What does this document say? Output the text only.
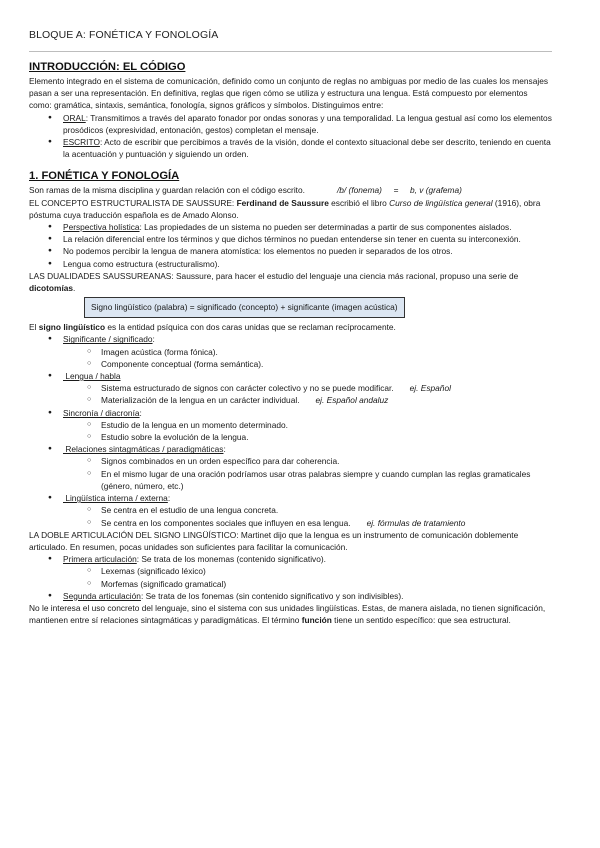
BLOQUE A: FONÉTICA Y FONOLOGÍA
INTRODUCCIÓN: EL CÓDIGO

Elemento integrado en el sistema de comunicación, definido como un conjunto de reglas no ambiguas por medio de las cuales los mensajes pasan a ser una representación. En definitiva, reglas que rigen cómo se utiliza y estructura una lengua. Está compuesto por elementos como: gramática, sintaxis, semántica, fonología, signos gráficos y símbolos. Distinguimos entre:

● ORAL: Transmitimos a través del aparato fonador por ondas sonoras y una temporalidad. La lengua gestual así como los elementos prosódicos (expresividad, entonación, gestos) completan el mensaje.
● ESCRITO: Acto de escribir que percibimos a través de la visión, donde el contexto situacional debe ser descrito, teniendo en cuenta la acentuación y puntuación y siguiendo un orden.
1. FONÉTICA Y FONOLOGÍA

Son ramas de la misma disciplina y guardan relación con el código escrito.	/b/ (fonema)     =     b, v (grafema)

EL CONCEPTO ESTRUCTURALISTA DE SAUSSURE: Ferdinand de Saussure escribió el libro Curso de lingüística general (1916), obra póstuma cuya traducción española es de Amado Alonso.

● Perspectiva holística: Las propiedades de un sistema no pueden ser determinadas a partir de sus componentes aislados.
● La relación diferencial entre los términos y que dichos términos no puedan entenderse sin tener en cuenta su interconexión.
● No podemos percibir la lengua de manera atomística: los elementos no pueden ir separados de los otros.
● Lengua como estructura (estructuralismo).

LAS DUALIDADES SAUSSUREANAS: Saussure, para hacer el estudio del lenguaje una ciencia más racional, propuso una serie de dicotomías.

Signo lingüístico (palabra) = significado (concepto) + significante (imagen acústica)

El signo lingüístico es la entidad psíquica con dos caras unidas que se reclaman recíprocamente.

● Significante / significado:
○ Imagen acústica (forma fónica).
○ Componente conceptual (forma semántica).
●  Lengua / habla
○ Sistema estructurado de signos con carácter colectivo y no se puede modificar. ej. Español
○ Materialización de la lengua en un carácter individual. ej. Español andaluz
● Sincronía / diacronía:
○ Estudio de la lengua en un momento determinado.
○ Estudio sobre la evolución de la lengua.
●  Relaciones sintagmáticas / paradigmáticas:
○ Signos combinados en un orden específico para dar coherencia.
○ En el mismo lugar de una oración podríamos usar otras palabras siempre y cuando cumplan las reglas gramaticales (género, número, etc.)
●  Lingüística interna / externa:
○ Se centra en el estudio de una lengua concreta.
○ Se centra en los componentes sociales que influyen en esa lengua. ej. fórmulas de tratamiento

LA DOBLE ARTICULACIÓN DEL SIGNO LINGÜÍSTICO: Martinet dijo que la lengua es un instrumento de comunicación doblemente articulado. En resumen, pocas unidades son suficientes para facilitar la comunicación.

● Primera articulación: Se trata de los monemas (contenido significativo).
○ Lexemas (significado léxico)
○ Morfemas (significado gramatical)
● Segunda articulación: Se trata de los fonemas (sin contenido significativo y son indivisibles).

No le interesa el uso concreto del lenguaje, sino el sistema con sus unidades lingüísticas. Estas, de manera aislada, no tienen significación, mantienen entre sí relaciones sintagmáticas y paradigmáticas. El término función tiene un sentido específico: que sea estructural.
